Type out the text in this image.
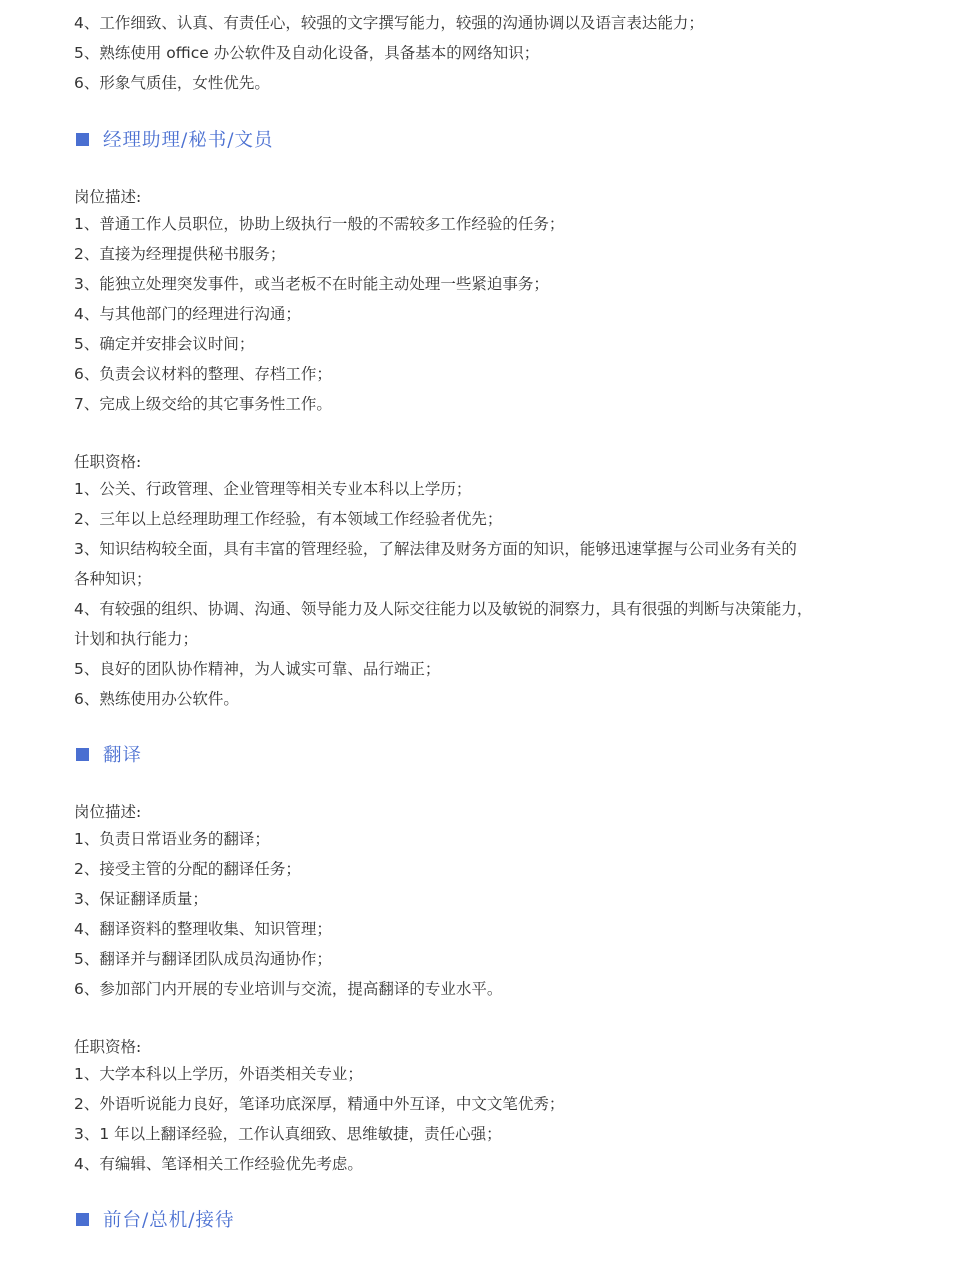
4、工作细致、认真、有责任心，较强的文字撰写能力，较强的沟通协调以及语言表达能力；
5、熟练使用 office 办公软件及自动化设备，具备基本的网络知识；
6、形象气质佳，女性优先。
经理助理/秘书/文员
岗位描述:
1、普通工作人员职位，协助上级执行一般的不需较多工作经验的任务；
2、直接为经理提供秘书服务；
3、能独立处理突发事件，或当老板不在时能主动处理一些紧迫事务；
4、与其他部门的经理进行沟通；
5、确定并安排会议时间；
6、负责会议材料的整理、存档工作；
7、完成上级交给的其它事务性工作。
任职资格:
1、公关、行政管理、企业管理等相关专业本科以上学历；
2、三年以上总经理助理工作经验，有本领域工作经验者优先；
3、知识结构较全面，具有丰富的管理经验，了解法律及财务方面的知识，能够迅速掌握与公司业务有关的
各种知识；
4、有较强的组织、协调、沟通、领导能力及人际交往能力以及敏锐的洞察力，具有很强的判断与决策能力，
计划和执行能力；
5、良好的团队协作精神，为人诚实可靠、品行端正；
6、熟练使用办公软件。
翻译
岗位描述:
1、负责日常语业务的翻译；
2、接受主管的分配的翻译任务；
3、保证翻译质量；
4、翻译资料的整理收集、知识管理；
5、翻译并与翻译团队成员沟通协作；
6、参加部门内开展的专业培训与交流，提高翻译的专业水平。
任职资格:
1、大学本科以上学历，外语类相关专业；
2、外语听说能力良好，笔译功底深厚，精通中外互译，中文文笔优秀；
3、1 年以上翻译经验，工作认真细致、思维敏捷，责任心强；
4、有编辑、笔译相关工作经验优先考虑。
前台/总机/接待
